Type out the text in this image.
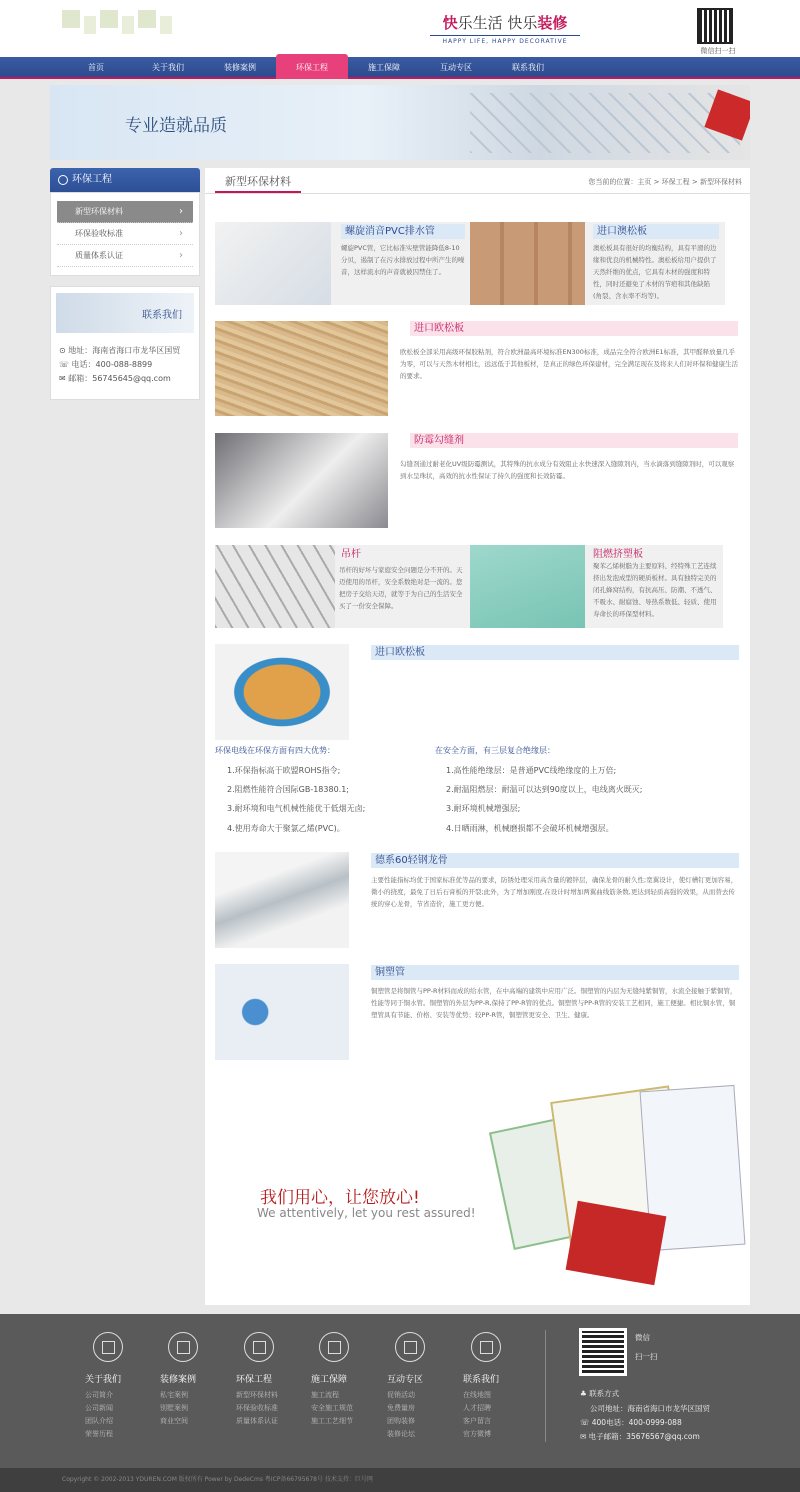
快乐生活 快乐装修
HAPPY LIFE, HAPPY DECORATIVE
微信扫一扫
首页	关于我们	装修案例	环保工程	施工保障	互动专区	联系我们
专业造就品质
环保工程
新型环保材料	›
环保验收标准	›
质量体系认证	›
联系我们
⊙ 地址：海南省海口市龙华区国贸
☏ 电话：400-088-8899
✉ 邮箱：56745645@qq.com
新型环保材料	您当前的位置：主页 > 环保工程 > 新型环保材料
螺旋消音PVC排水管
螺旋PVC管，它比标准实壁管能降低8-10分贝，遏制了在污水排放过程中所产生的噪音，这样流水的声音就被囚禁住了。
进口澳松板
澳松板具有很好的均衡结构，具有平滑的边缘和优良的机械特性。澳松板给用户提供了天然纤维的优点，它具有木材的强度和特性，同时还避免了木材的节疤和其他缺陷(角裂、含水率不均等)。
进口欧松板
欧松板全部采用高级环保胶粘剂，符合欧洲最高环境标准EN300标准，成品完全符合欧洲E1标准，其甲醛释放量几乎为零，可以与天然木材相比，远远低于其他板材，是真正的绿色环保建材，完全满足现在及将来人们对环保和健康生活的要求。
防霉勾缝剂
勾缝剂通过耐老化UV级防霉测试，其特殊的抗水成分有效阻止水快速深入缝隙剂内，当水滴落到缝隙剂时，可以观察到水呈珠状，高效的抗水性保证了持久的强度和长效防霉。
吊杆
吊杆的好坏与家庭安全问题是分不开的。天迈使用的吊杆，安全系数绝对是一流的。您把房子交给天迈，就等于为自己的生活安全买了一份安全保障。
阻燃挤塑板
聚苯乙烯树脂为主要原料、经特殊工艺连续挤出发泡成型的硬质板材。具有独特完美的闭孔蜂窝结构，有抗高压、防潮、不透气、不吸水、耐腐蚀、导热系数低、轻质、使用寿命长的环保型材料。
进口欧松板
环保电线在环保方面有四大优势：
1.环保指标高于欧盟ROHS指令;
2.阻燃性能符合国际GB-18380.1;
3.耐环境和电气机械性能优于低烟无卤;
4.使用寿命大于聚氯乙烯(PVC)。
在安全方面，有三层复合绝缘层：
1.高性能绝缘层：是普通PVC线绝缘度的上万倍;
2.耐温阻燃层：耐温可以达到90度以上，电线离火既灭;
3.耐环境机械增强层;
4.日晒雨淋，机械磨损都不会破坏机械增强层。
德系60轻钢龙骨
主要性能指标均优于国家标准优等品的要求，防锈处理采用高含量的镀锌层，确保龙骨的耐久性;宽翼设计，使灯槽钉更加容易，微小的挠度，最免了日后石膏板的开裂;此外，为了增加刚度,在设计时增加两翼曲线筋条数,更达到轻质高强的效果，从而替去传统的穿心龙骨，节省造价，施工更方便。
铜塑管
铜塑管是将铜管与PP-R材料而成的给水管，在中高端的建筑中应用广泛。铜塑管的内层为无缝纯紫铜管，水流全接触于紫铜管，性能等同于铜水管。铜塑管的外层为PP-R,保持了PP-R管的优点。铜塑管与PP-R管的安装工艺相同，施工便捷。相比铜水管，铜塑管具有节能、价格、安装等优势；较PP-R管，铜塑管更安全、卫生、健康。
我们用心，让您放心!
We attentively, let you rest assured!
关于我们
公司简介
公司新闻
团队介绍
荣誉历程
装修案例
私宅案例
别墅案例
商业空间
环保工程
新型环保材料
环保验收标准
质量体系认证
施工保障
施工流程
安全施工规范
施工工艺细节
互动专区
促销活动
免费量房
团购装修
装修论坛
联系我们
在线地图
人才招聘
客户留言
官方微博
微信
扫一扫
♣ 联系方式
公司地址：海南省海口市龙华区国贸
☏ 400电话：400-0999-088
✉ 电子邮箱：35676567@qq.com
Copyright © 2002-2013 YDUREN.COM 版权所有 Power by DedeCms 粤ICP备66795678号 技术支持：巨号网
